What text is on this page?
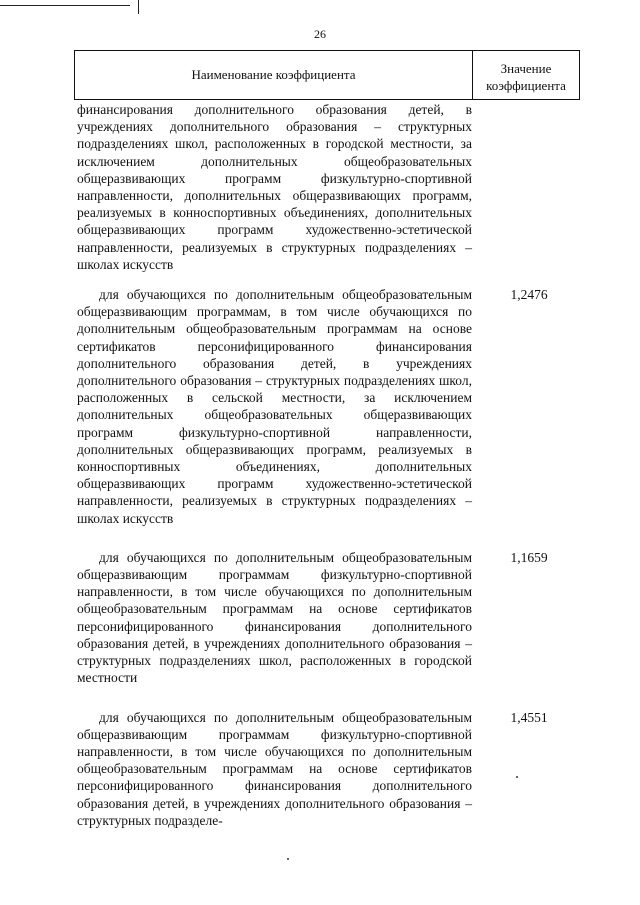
26
Наименование коэффициента	Значение
коэффициента
финансирования дополнительного образования детей, в учреждениях дополнительного образования – структурных подразделениях школ, расположенных в городской местности, за исключением дополнительных общеобразовательных общеразвивающих программ физкультурно-спортивной направленности, дополнительных общеразвивающих программ, реализуемых в конноспортивных объединениях, дополнительных общеразвивающих программ художественно-эстетической направленности, реализуемых в структурных подразделениях – школах искусств
для обучающихся по дополнительным общеобразовательным общеразвивающим программам, в том числе обучающихся по дополнительным общеобразовательным программам на основе сертификатов персонифицированного финансирования дополнительного образования детей, в учреждениях дополнительного образования – структурных подразделениях школ, расположенных в сельской местности, за исключением дополнительных общеобразовательных общеразвивающих программ физкультурно-спортивной направленности, дополнительных общеразвивающих программ, реализуемых в конноспортивных объединениях, дополнительных общеразвивающих программ художественно-эстетической направленности, реализуемых в структурных подразделениях – школах искусств
1,2476
для обучающихся по дополнительным общеобразовательным общеразвивающим программам физкультурно-спортивной направленности, в том числе обучающихся по дополнительным общеобразовательным программам на основе сертификатов персонифицированного финансирования дополнительного образования детей, в учреждениях дополнительного образования – структурных подразделениях школ, расположенных в городской местности
1,1659
для обучающихся по дополнительным общеобразовательным общеразвивающим программам физкультурно-спортивной направленности, в том числе обучающихся по дополнительным общеобразовательным программам на основе сертификатов персонифицированного финансирования дополнительного образования детей, в учреждениях дополнительного образования – структурных подразделе-
1,4551
